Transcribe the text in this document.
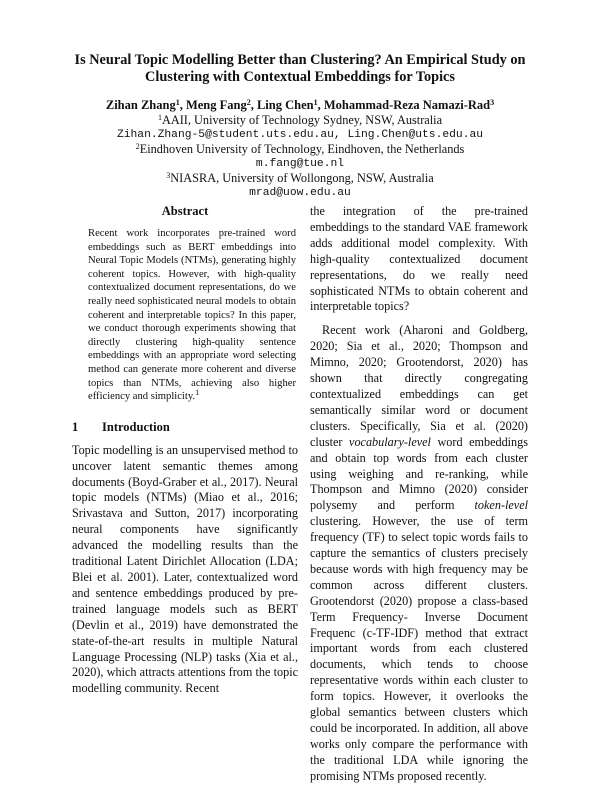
Is Neural Topic Modelling Better than Clustering? An Empirical Study on
Clustering with Contextual Embeddings for Topics

Zihan Zhang$^1$, Meng Fang$^2$, Ling Chen$^1$, Mohammad-Reza Namazi-Rad$^3$
$^1$AAII, University of Technology Sydney, NSW, Australia
Zihan.Zhang-5@student.uts.edu.au, Ling.Chen@uts.edu.au
$^2$Eindhoven University of Technology, Eindhoven, the Netherlands
m.fang@tue.nl
$^3$NIASRA, University of Wollongong, NSW, Australia
mrad@uow.edu.au

Abstract

Recent work incorporates pre-trained word embeddings such as BERT embeddings into Neural Topic Models (NTMs), generating highly coherent topics. However, with high-quality contextualized document representations, do we really need sophisticated neural models to obtain coherent and interpretable topics? In this paper, we conduct thorough experiments showing that directly clustering high-quality sentence embeddings with an appropriate word selecting method can generate more coherent and diverse topics than NTMs, achieving also higher efficiency and simplicity.$^1$

1 Introduction

Topic modelling is an unsupervised method to uncover latent semantic themes among documents (Boyd-Graber et al., 2017). Neural topic models (NTMs) (Miao et al., 2016; Srivastava and Sutton, 2017) incorporating neural components have significantly advanced the modelling results than the traditional Latent Dirichlet Allocation (LDA; Blei et al. 2001). Later, contextualized word and sentence embeddings produced by pre-trained language models such as BERT (Devlin et al., 2019) have demonstrated the state-of-the-art results in multiple Natural Language Processing (NLP) tasks (Xia et al., 2020), which attracts attentions from the topic modelling community. Recent

the integration of the pre-trained embeddings to the standard VAE framework adds additional model complexity. With high-quality contextualized document representations, do we really need sophisticated NTMs to obtain coherent and interpretable topics?

Recent work (Aharoni and Goldberg, 2020; Sia et al., 2020; Thompson and Mimno, 2020; Grootendorst, 2020) has shown that directly congregating contextualized embeddings can get semantically similar word or document clusters. Specifically, Sia et al. (2020) cluster vocabulary-level word embeddings and obtain top words from each cluster using weighing and re-ranking, while Thompson and Mimno (2020) consider polysemy and perform token-level clustering. However, the use of term frequency (TF) to select topic words fails to capture the semantics of clusters precisely because words with high frequency may be common across different clusters. Grootendorst (2020) propose a class-based Term Frequency- Inverse Document Frequenc (c-TF-IDF) method that extract important words from each clustered documents, which tends to choose representative words within each cluster to form topics. However, it overlooks the global semantics between clusters which could be incorporated. In addition, all above works only compare the performance with the traditional LDA while ignoring the promising NTMs proposed recently.
